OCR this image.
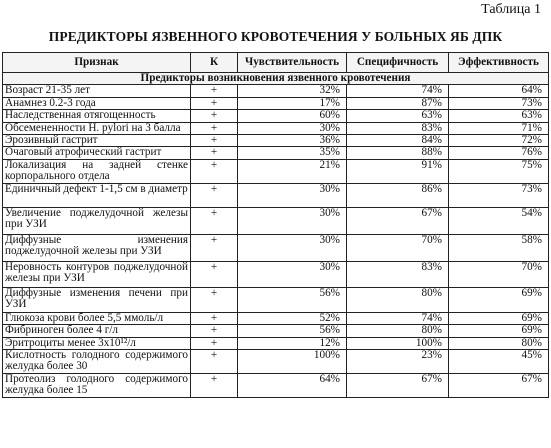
Таблица 1
ПРЕДИКТОРЫ ЯЗВЕННОГО КРОВОТЕЧЕНИЯ У БОЛЬНЫХ ЯБ ДПК
Признак	К	Чувствительность	Специфичность	Эффективность
Предикторы возникновения язвенного кровотечения				
Возраст 21-35 лет	+	32%	74%	64%
Анамнез 0.2-3 года	+	17%	87%	73%
Наследственная отягощенность	+	60%	63%	63%
Обсемененности H. pylori на 3 балла	+	30%	83%	71%
Эрозивный гастрит	+	36%	84%	72%
Очаговый атрофический гастрит	+	35%	88%	76%
Локализация на задней стенке корпорального отдела	+	21%	91%	75%
Единичный дефект 1-1,5 см в диаметр	+	30%	86%	73%
Увеличение поджелудочной железы при УЗИ	+	30%	67%	54%
Диффузные изменения поджелудочной железы при УЗИ	+	30%	70%	58%
Неровность контуров поджелудочной железы при УЗИ	+	30%	83%	70%
Диффузные изменения печени при УЗИ	+	56%	80%	69%
Глюкоза крови более 5,5 ммоль/л	+	52%	74%	69%
Фибриноген более 4 г/л	+	56%	80%	69%
Эритроциты менее 3х10¹²/л	+	12%	100%	80%
Кислотность голодного содержимого желудка более 30	+	100%	23%	45%
Протеолиз голодного содержимого желудка более 15	+	64%	67%	67%
